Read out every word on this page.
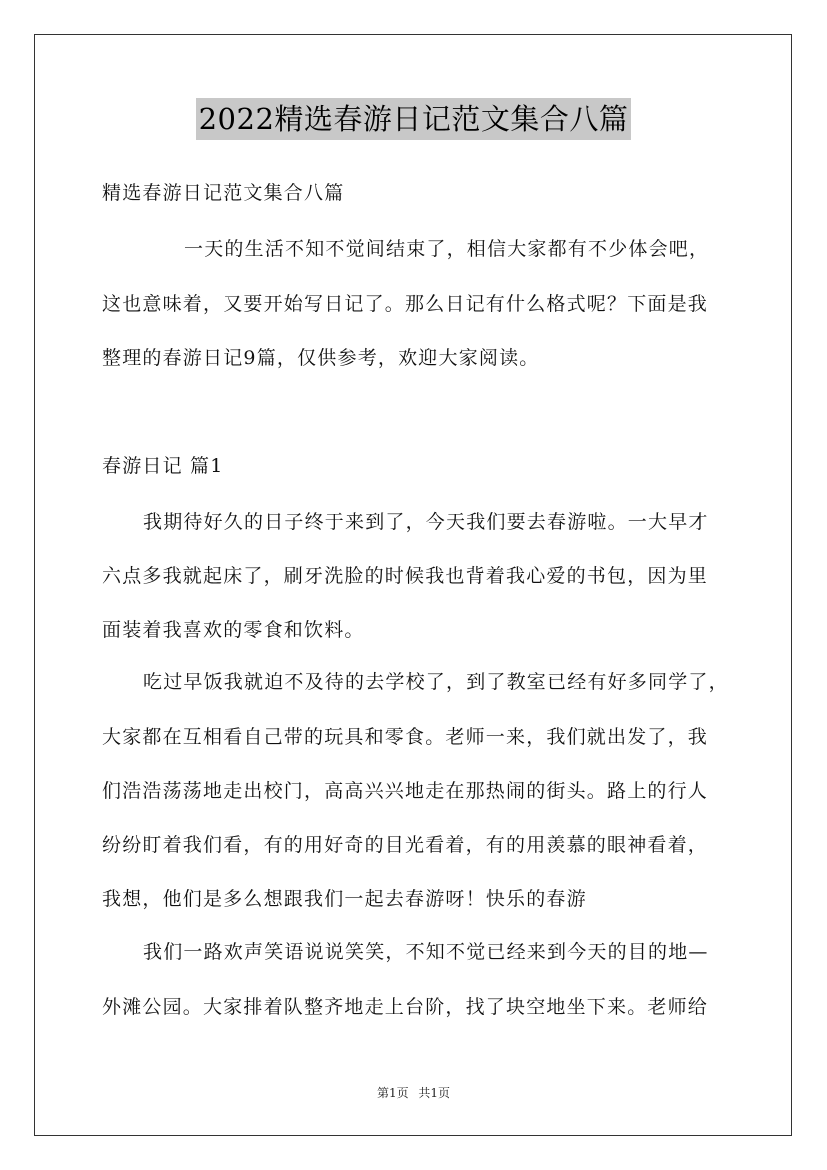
2022精选春游日记范文集合八篇
精选春游日记范文集合八篇
一天的生活不知不觉间结束了，相信大家都有不少体会吧，
这也意味着，又要开始写日记了。那么日记有什么格式呢？下面是我
整理的春游日记9篇，仅供参考，欢迎大家阅读。
春游日记 篇1
我期待好久的日子终于来到了，今天我们要去春游啦。一大早才
六点多我就起床了，刷牙洗脸的时候我也背着我心爱的书包，因为里
面装着我喜欢的零食和饮料。
吃过早饭我就迫不及待的去学校了，到了教室已经有好多同学了，
大家都在互相看自己带的玩具和零食。老师一来，我们就出发了，我
们浩浩荡荡地走出校门，高高兴兴地走在那热闹的街头。路上的行人
纷纷盯着我们看，有的用好奇的目光看着，有的用羡慕的眼神看着，
我想，他们是多么想跟我们一起去春游呀！快乐的春游
我们一路欢声笑语说说笑笑，不知不觉已经来到今天的目的地—
外滩公园。大家排着队整齐地走上台阶，找了块空地坐下来。老师给
第1页 共1页
